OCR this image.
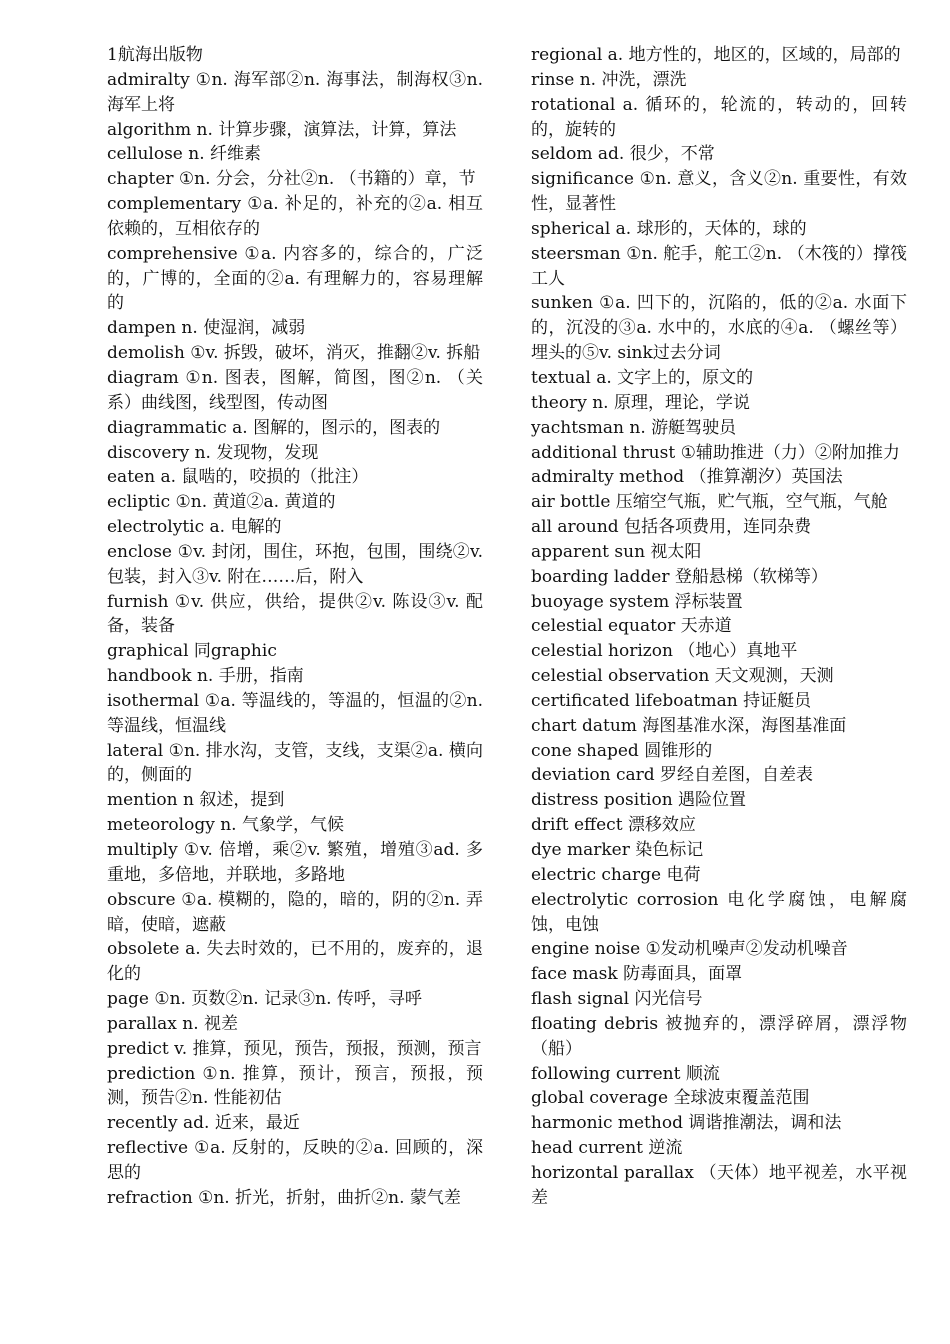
1航海出版物

admiralty ①n. 海军部②n. 海事法，制海权③n. 海军上将

algorithm n. 计算步骤，演算法，计算，算法

cellulose n. 纤维素

chapter ①n. 分会，分社②n. （书籍的）章，节

complementary ①a. 补足的，补充的②a. 相互依赖的，互相依存的

comprehensive ①a. 内容多的，综合的，广泛的，广博的，全面的②a. 有理解力的，容易理解的

dampen n. 使湿润，减弱

demolish ①v. 拆毁，破坏，消灭，推翻②v. 拆船

diagram ①n. 图表，图解，简图，图②n. （关系）曲线图，线型图，传动图

diagrammatic a. 图解的，图示的，图表的

discovery n. 发现物，发现

eaten a. 鼠啮的，咬损的（批注）

ecliptic ①n. 黄道②a. 黄道的

electrolytic a. 电解的

enclose ①v. 封闭，围住，环抱，包围，围绕②v. 包装，封入③v. 附在……后，附入

furnish ①v. 供应，供给，提供②v. 陈设③v. 配备，装备

graphical 同graphic

handbook n. 手册，指南

isothermal ①a. 等温线的，等温的，恒温的②n. 等温线，恒温线

lateral ①n. 排水沟，支管，支线，支渠②a. 横向的，侧面的

mention n 叙述，提到

meteorology n. 气象学，气候

multiply ①v. 倍增，乘②v. 繁殖，增殖③ad. 多重地，多倍地，并联地，多路地

obscure ①a. 模糊的，隐的，暗的，阴的②n. 弄暗，使暗，遮蔽

obsolete a. 失去时效的，已不用的，废弃的，退化的

page ①n. 页数②n. 记录③n. 传呼，寻呼

parallax n. 视差

predict v. 推算，预见，预告，预报，预测，预言

prediction ①n. 推算，预计，预言，预报，预测，预告②n. 性能初估

recently ad. 近来，最近

reflective ①a. 反射的，反映的②a. 回顾的，深思的

refraction ①n. 折光，折射，曲折②n. 蒙气差

regional a. 地方性的，地区的，区域的，局部的

rinse n. 冲洗，漂洗

rotational a. 循环的，轮流的，转动的，回转的，旋转的

seldom ad. 很少，不常

significance ①n. 意义，含义②n. 重要性，有效性，显著性

spherical a. 球形的，天体的，球的

steersman ①n. 舵手，舵工②n. （木筏的）撑筏工人

sunken ①a. 凹下的，沉陷的，低的②a. 水面下的，沉没的③a. 水中的，水底的④a. （螺丝等）埋头的⑤v. sink过去分词

textual a. 文字上的，原文的

theory n. 原理，理论，学说

yachtsman n. 游艇驾驶员

additional thrust ①辅助推进（力）②附加推力

admiralty method （推算潮汐）英国法

air bottle 压缩空气瓶，贮气瓶，空气瓶，气舱

all around 包括各项费用，连同杂费

apparent sun 视太阳

boarding ladder 登船悬梯（软梯等）

buoyage system 浮标装置

celestial equator 天赤道

celestial horizon （地心）真地平

celestial observation 天文观测，天测

certificated lifeboatman 持证艇员

chart datum 海图基准水深，海图基准面

cone shaped 圆锥形的

deviation card 罗经自差图，自差表

distress position 遇险位置

drift effect 漂移效应

dye marker 染色标记

electric charge 电荷

electrolytic corrosion 电化学腐蚀，电解腐蚀，电蚀

engine noise ①发动机噪声②发动机噪音

face mask 防毒面具，面罩

flash signal 闪光信号

floating debris 被抛弃的，漂浮碎屑，漂浮物（船）

following current 顺流

global coverage 全球波束覆盖范围

harmonic method 调谐推潮法，调和法

head current 逆流

horizontal parallax （天体）地平视差，水平视差
